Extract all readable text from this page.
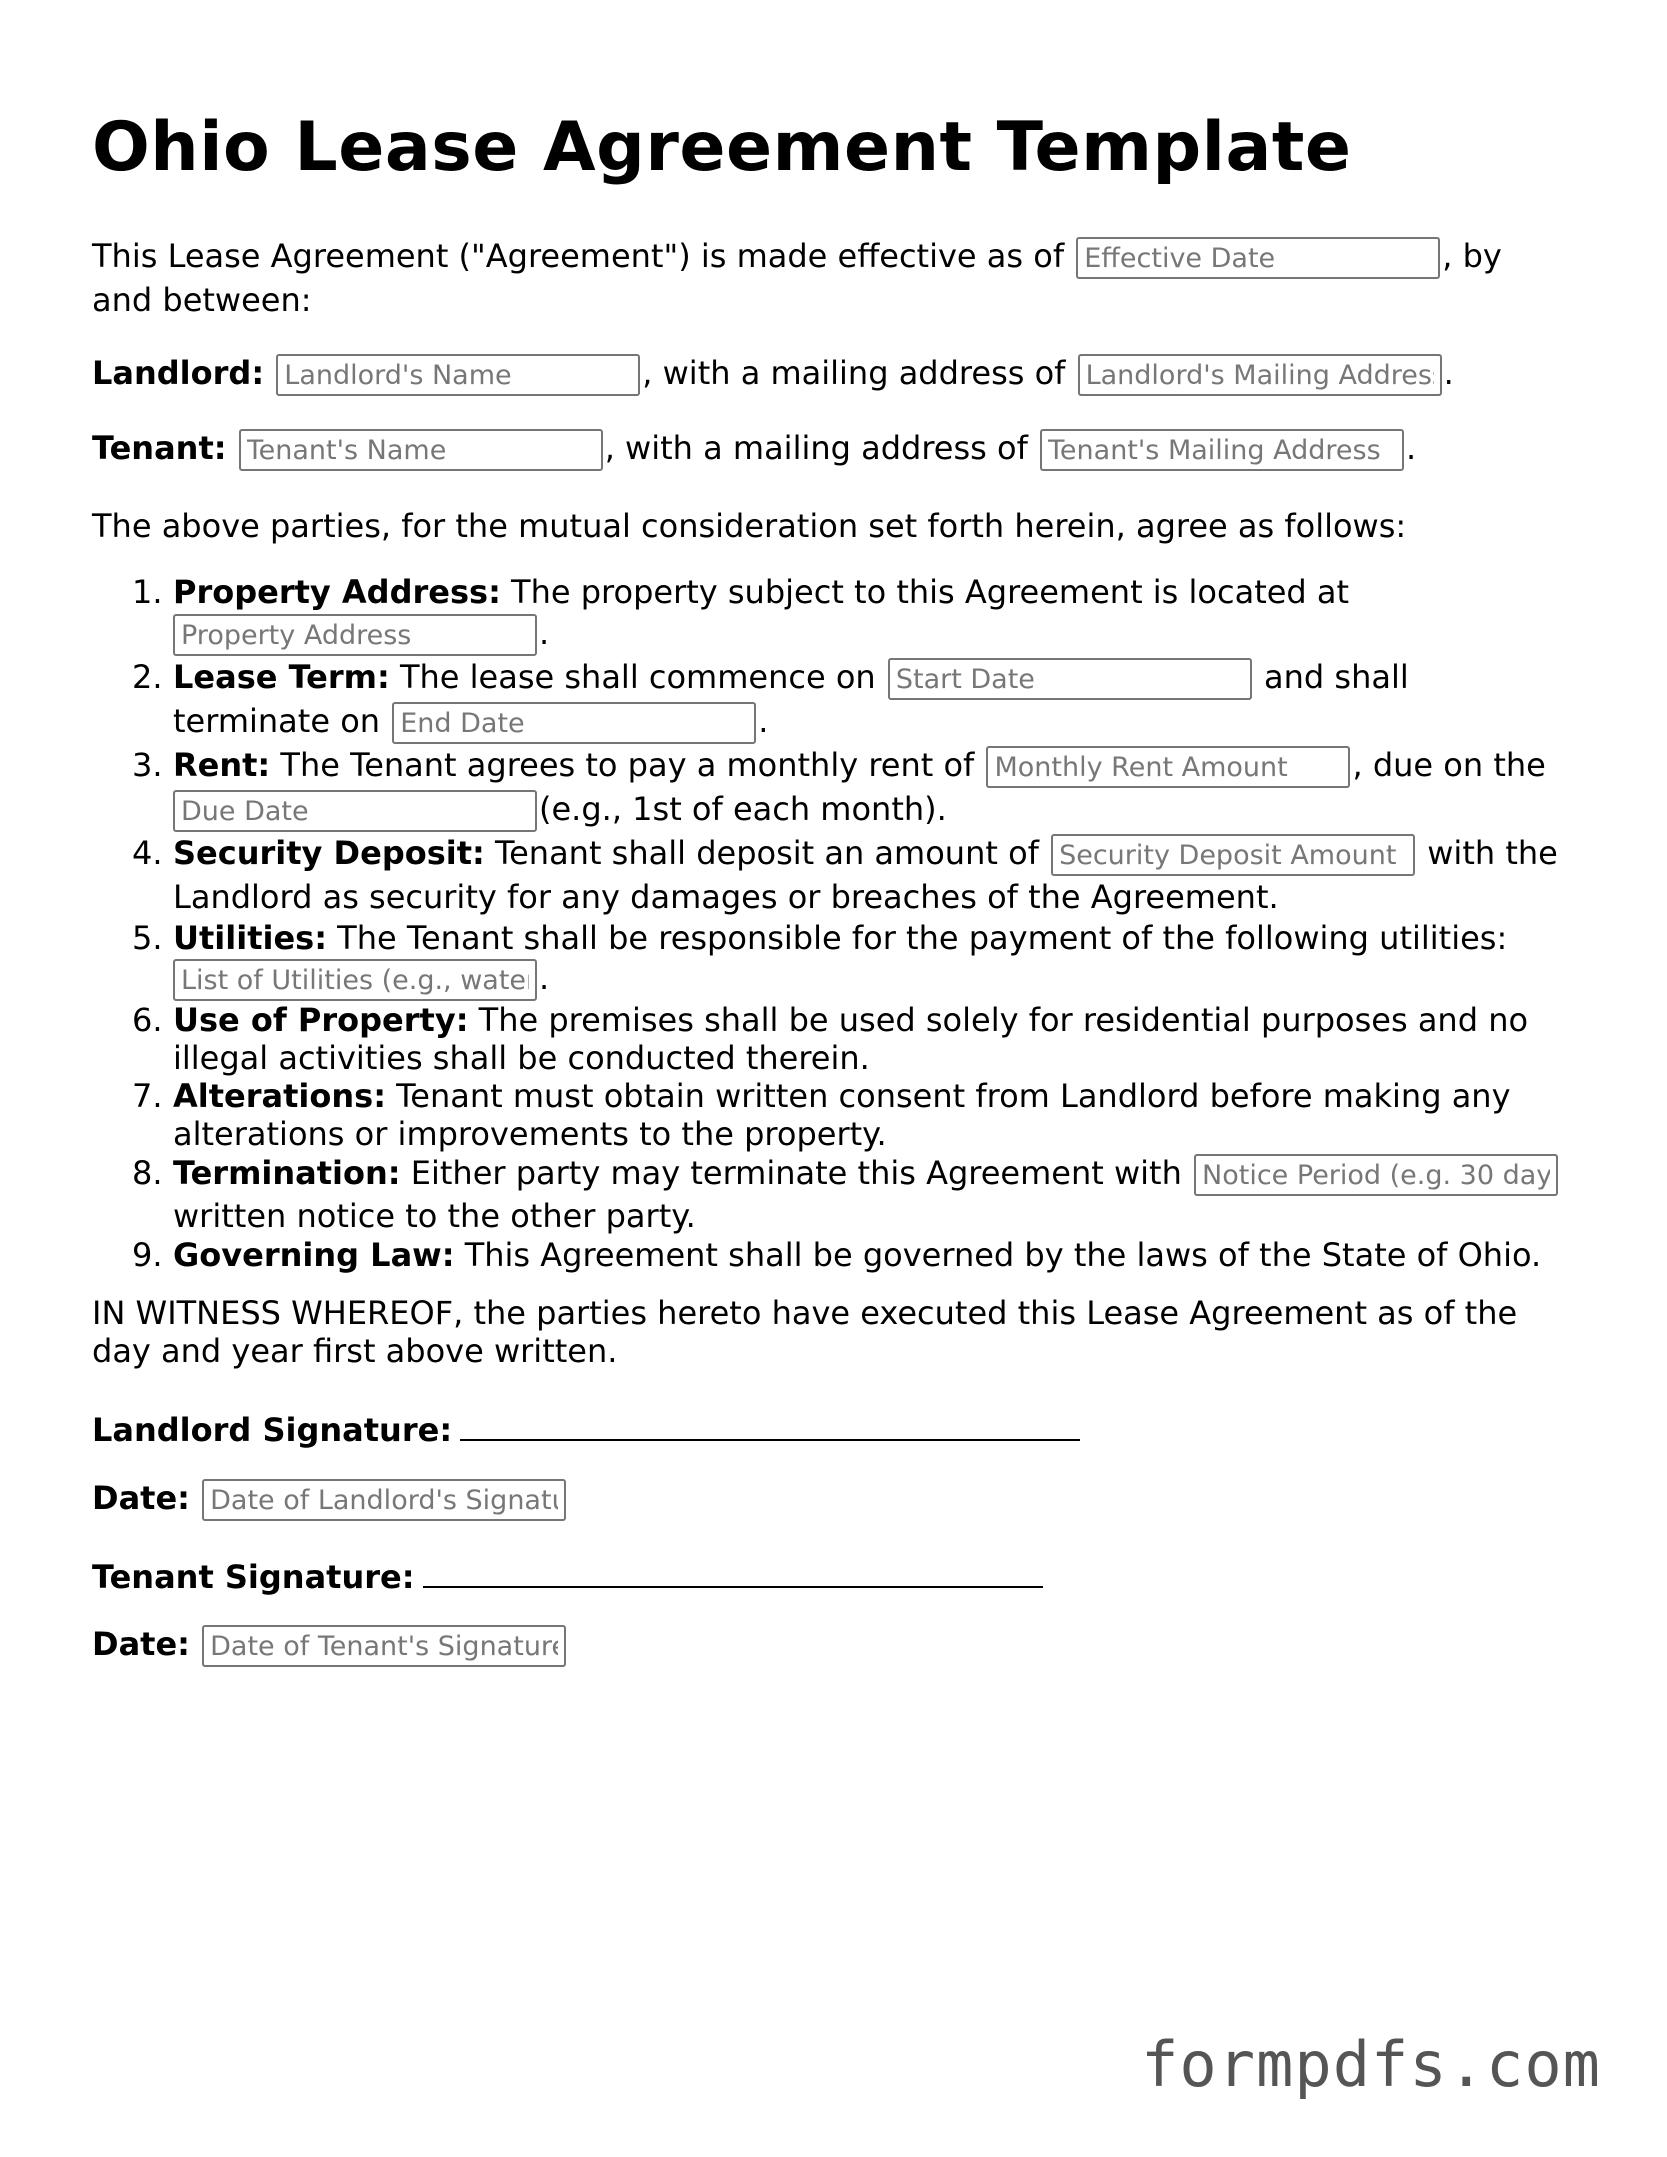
Ohio Lease Agreement Template

This Lease Agreement ("Agreement") is made effective as of Effective Date	, by
and between:

Landlord: Landlord's Name	, with a mailing address of Landlord's Mailing Address	.

Tenant: Tenant's Name	, with a mailing address of Tenant's Mailing Address	.

The above parties, for the mutual consideration set forth herein, agree as follows:

1. Property Address: The property subject to this Agreement is located at
Property Address.
2. Lease Term: The lease shall commence on Start Date	and shall
terminate on End Date	.
3. Rent: The Tenant agrees to pay a monthly rent of Monthly Rent Amount	, due on the
Due Date(e.g., 1st of each month).
4. Security Deposit: Tenant shall deposit an amount of Security Deposit Amount	with the
Landlord as security for any damages or breaches of the Agreement.
5. Utilities: The Tenant shall be responsible for the payment of the following utilities:
List of Utilities (e.g., water.
6. Use of Property: The premises shall be used solely for residential purposes and no
illegal activities shall be conducted therein.
7. Alterations: Tenant must obtain written consent from Landlord before making any
alterations or improvements to the property.
8. Termination: Either party may terminate this Agreement with Notice Period (e.g. 30 days
written notice to the other party.
9. Governing Law: This Agreement shall be governed by the laws of the State of Ohio.

IN WITNESS WHEREOF, the parties hereto have executed this Lease Agreement as of the
day and year first above written.

Landlord Signature:

Date: Date of Landlord's Signatu

Tenant Signature:

Date: Date of Tenant's Signature

formpdfs.com
